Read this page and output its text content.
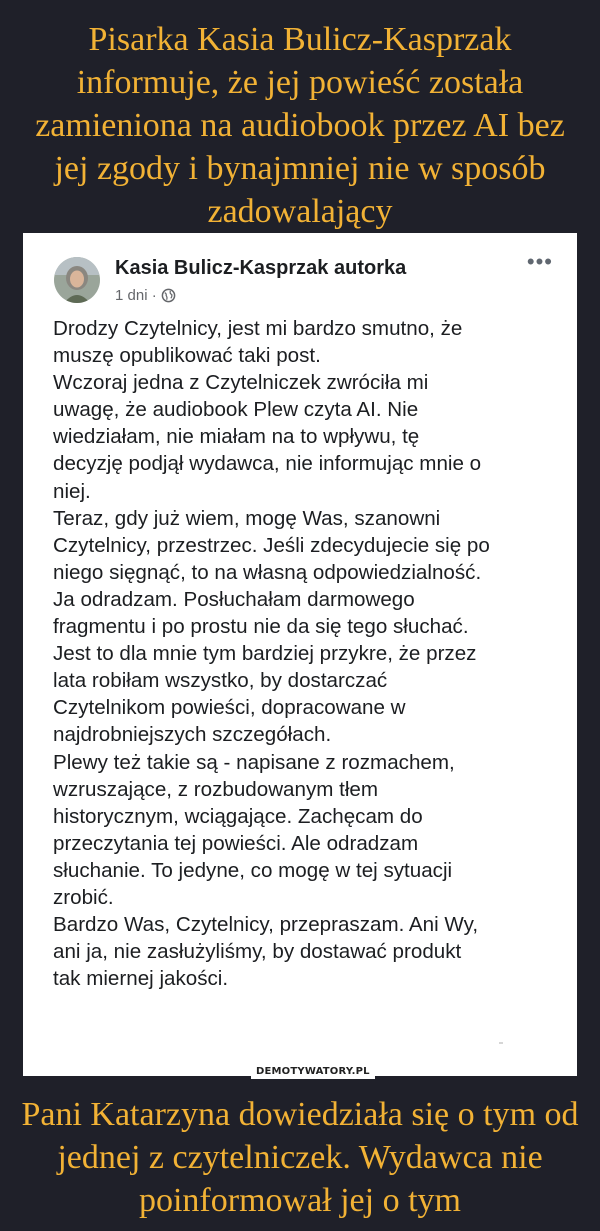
Pisarka Kasia Bulicz-Kasprzak informuje, że jej powieść została zamieniona na audiobook przez AI bez jej zgody i bynajmniej nie w sposób zadowalający
Kasia Bulicz-Kasprzak autorka
1 dni ·
•••
Drodzy Czytelnicy, jest mi bardzo smutno, że
muszę opublikować taki post.
Wczoraj jedna z Czytelniczek zwróciła mi
uwagę, że audiobook Plew czyta AI. Nie
wiedziałam, nie miałam na to wpływu, tę
decyzję podjął wydawca, nie informując mnie o
niej.
Teraz, gdy już wiem, mogę Was, szanowni
Czytelnicy, przestrzec. Jeśli zdecydujecie się po
niego sięgnąć, to na własną odpowiedzialność.
Ja odradzam. Posłuchałam darmowego
fragmentu i po prostu nie da się tego słuchać.
Jest to dla mnie tym bardziej przykre, że przez
lata robiłam wszystko, by dostarczać
Czytelnikom powieści, dopracowane w
najdrobniejszych szczegółach.
Plewy też takie są - napisane z rozmachem,
wzruszające, z rozbudowanym tłem
historycznym, wciągające. Zachęcam do
przeczytania tej powieści. Ale odradzam
słuchanie. To jedyne, co mogę w tej sytuacji
zrobić.
Bardzo Was, Czytelnicy, przepraszam. Ani Wy,
ani ja, nie zasłużyliśmy, by dostawać produkt
tak miernej jakości.
DEMOTYWATORY.PL
Pani Katarzyna dowiedziała się o tym od jednej z czytelniczek. Wydawca nie poinformował jej o tym
